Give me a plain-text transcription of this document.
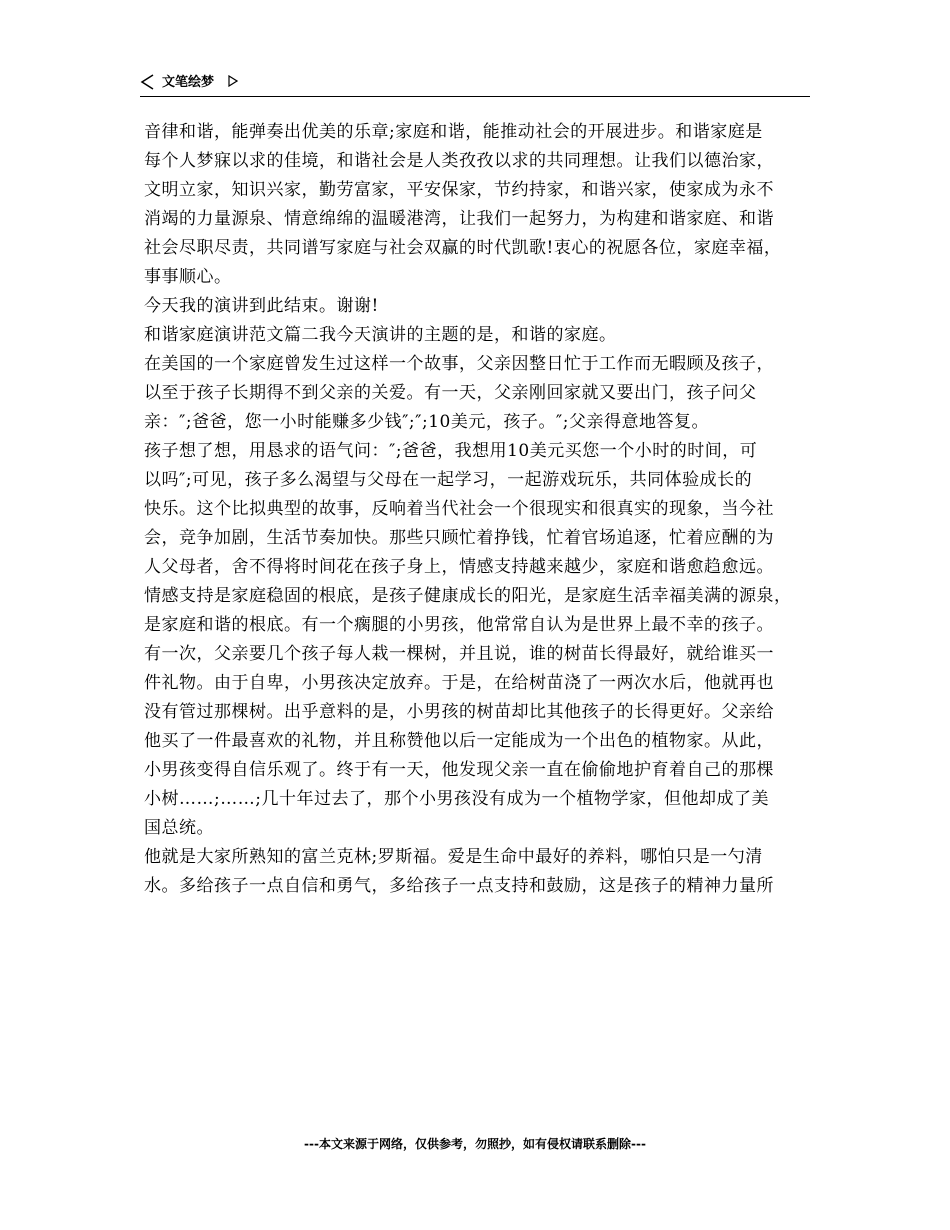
文笔绘梦
音律和谐，能弹奏出优美的乐章;家庭和谐，能推动社会的开展进步。和谐家庭是
每个人梦寐以求的佳境，和谐社会是人类孜孜以求的共同理想。让我们以德治家，
文明立家，知识兴家，勤劳富家，平安保家，节约持家，和谐兴家，使家成为永不
消竭的力量源泉、情意绵绵的温暖港湾，让我们一起努力，为构建和谐家庭、和谐
社会尽职尽责，共同谱写家庭与社会双赢的时代凯歌!衷心的祝愿各位，家庭幸福，
事事顺心。
今天我的演讲到此结束。谢谢!
和谐家庭演讲范文篇二我今天演讲的主题的是，和谐的家庭。
在美国的一个家庭曾发生过这样一个故事，父亲因整日忙于工作而无暇顾及孩子，
以至于孩子长期得不到父亲的关爱。有一天，父亲刚回家就又要出门，孩子问父
亲：″;爸爸，您一小时能赚多少钱″;″;10美元，孩子。″;父亲得意地答复。
孩子想了想，用恳求的语气问：″;爸爸，我想用10美元买您一个小时的时间，可
以吗″;可见，孩子多么渴望与父母在一起学习，一起游戏玩乐，共同体验成长的
快乐。这个比拟典型的故事，反响着当代社会一个很现实和很真实的现象，当今社
会，竞争加剧，生活节奏加快。那些只顾忙着挣钱，忙着官场追逐，忙着应酬的为
人父母者，舍不得将时间花在孩子身上，情感支持越来越少，家庭和谐愈趋愈远。
情感支持是家庭稳固的根底，是孩子健康成长的阳光，是家庭生活幸福美满的源泉，
是家庭和谐的根底。有一个瘸腿的小男孩，他常常自认为是世界上最不幸的孩子。
有一次，父亲要几个孩子每人栽一棵树，并且说，谁的树苗长得最好，就给谁买一
件礼物。由于自卑，小男孩决定放弃。于是，在给树苗浇了一两次水后，他就再也
没有管过那棵树。出乎意料的是，小男孩的树苗却比其他孩子的长得更好。父亲给
他买了一件最喜欢的礼物，并且称赞他以后一定能成为一个出色的植物家。从此，
小男孩变得自信乐观了。终于有一天，他发现父亲一直在偷偷地护育着自己的那棵
小树……;……;几十年过去了，那个小男孩没有成为一个植物学家，但他却成了美
国总统。
他就是大家所熟知的富兰克林;罗斯福。爱是生命中最好的养料，哪怕只是一勺清
水。多给孩子一点自信和勇气，多给孩子一点支持和鼓励，这是孩子的精神力量所
---本文来源于网络，仅供参考，勿照抄，如有侵权请联系删除---
